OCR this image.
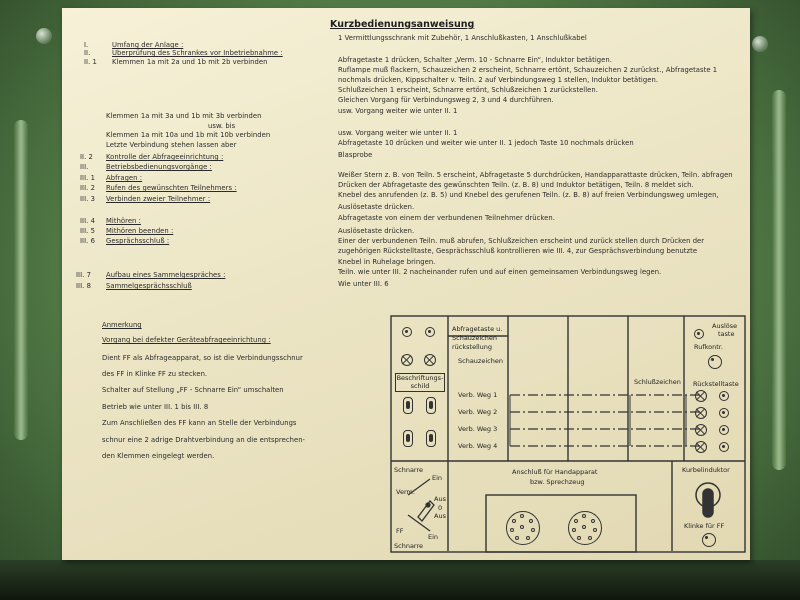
Kurzbedienungsanweisung
I.	Umfang der Anlage :
II.	Überprüfung des Schrankes vor Inbetriebnahme :
II. 1 Klemmen 1a mit 2a und 1b mit 2b verbinden
Klemmen 1a mit 3a und 1b mit 3b verbinden
usw. bis
Klemmen 1a mit 10a und 1b mit 10b verbinden
Letzte Verbindung stehen lassen aber
II. 2 Kontrolle der Abfrageeinrichtung :
III.	Betriebsbedienungsvorgänge :
III. 1 Abfragen :
III. 2 Rufen des gewünschten Teilnehmers :
III. 3 Verbinden zweier Teilnehmer :
III. 4 Mithören :
III. 5 Mithören beenden :
III. 6 Gesprächsschluß :
III. 7 Aufbau eines Sammelgespräches :
III. 8 Sammelgesprächsschluß
1 Vermittlungsschrank mit Zubehör, 1 Anschlußkasten, 1 Anschlußkabel
Abfragetaste 1 drücken, Schalter „Verm. 10 - Schnarre Ein“, Induktor betätigen.
Ruflampe muß flackern, Schauzeichen 2 erscheint, Schnarre ertönt, Schauzeichen 2 zurückst., Abfragetaste 1
nochmals drücken, Kippschalter v. Teiln. 2 auf Verbindungsweg 1 stellen, Induktor betätigen.
Schlußzeichen 1 erscheint, Schnarre ertönt, Schlußzeichen 1 zurückstellen.
Gleichen Vorgang für Verbindungsweg 2, 3 und 4 durchführen.
usw. Vorgang weiter wie unter II. 1
usw. Vorgang weiter wie unter II. 1
Abfragetaste 10 drücken und weiter wie unter II. 1 jedoch Taste 10 nochmals drücken
Blasprobe
Weißer Stern z. B. von Teiln. 5 erscheint, Abfragetaste 5 durchdrücken, Handapparattaste drücken, Teiln. abfragen
Drücken der Abfragetaste des gewünschten Teiln. (z. B. 8) und Induktor betätigen, Teiln. 8 meldet sich.
Knebel des anrufenden (z. B. 5) und Knebel des gerufenen Teiln. (z. B. 8) auf freien Verbindungsweg umlegen,
Auslösetaste drücken.
Abfragetaste von einem der verbundenen Teilnehmer drücken.
Auslösetaste drücken.
Einer der verbundenen Teiln. muß abrufen, Schlußzeichen erscheint und zurück stellen durch Drücken der
zugehörigen Rückstelltaste, Gesprächsschluß kontrollieren wie III. 4, zur Gesprächsverbindung benutzte
Knebel in Ruhelage bringen.
Teiln. wie unter III. 2 nacheinander rufen und auf einen gemeinsamen Verbindungsweg legen.
Wie unter III. 6
Anmerkung
Vorgang bei defekter Geräteabfrageeinrichtung :
Dient FF als Abfrageapparat, so ist die Verbindungsschnur
des FF in Klinke FF zu stecken.
Schalter auf Stellung „FF - Schnarre Ein“ umschalten
Betrieb wie unter III. 1 bis III. 8
Zum Anschließen des FF kann an Stelle der Verbindungs
schnur eine 2 adrige Drahtverbindung an die entsprechen-
den Klemmen eingelegt werden.
Abfragetaste u.
Schauzeichen
rückstellung
Schauzeichen
Beschriftungs-
schild
Verb. Weg 1
Verb. Weg 2
Verb. Weg 3
Verb. Weg 4
Schlußzeichen
Auslöse
taste
Rufkontr.
Rückstelltaste
Schnarre
Ein
Verm.
Aus
0
Aus
FF
Ein
Schnarre
Anschluß für Handapparat
bzw. Sprechzeug
Kurbelinduktor
Klinke für FF
